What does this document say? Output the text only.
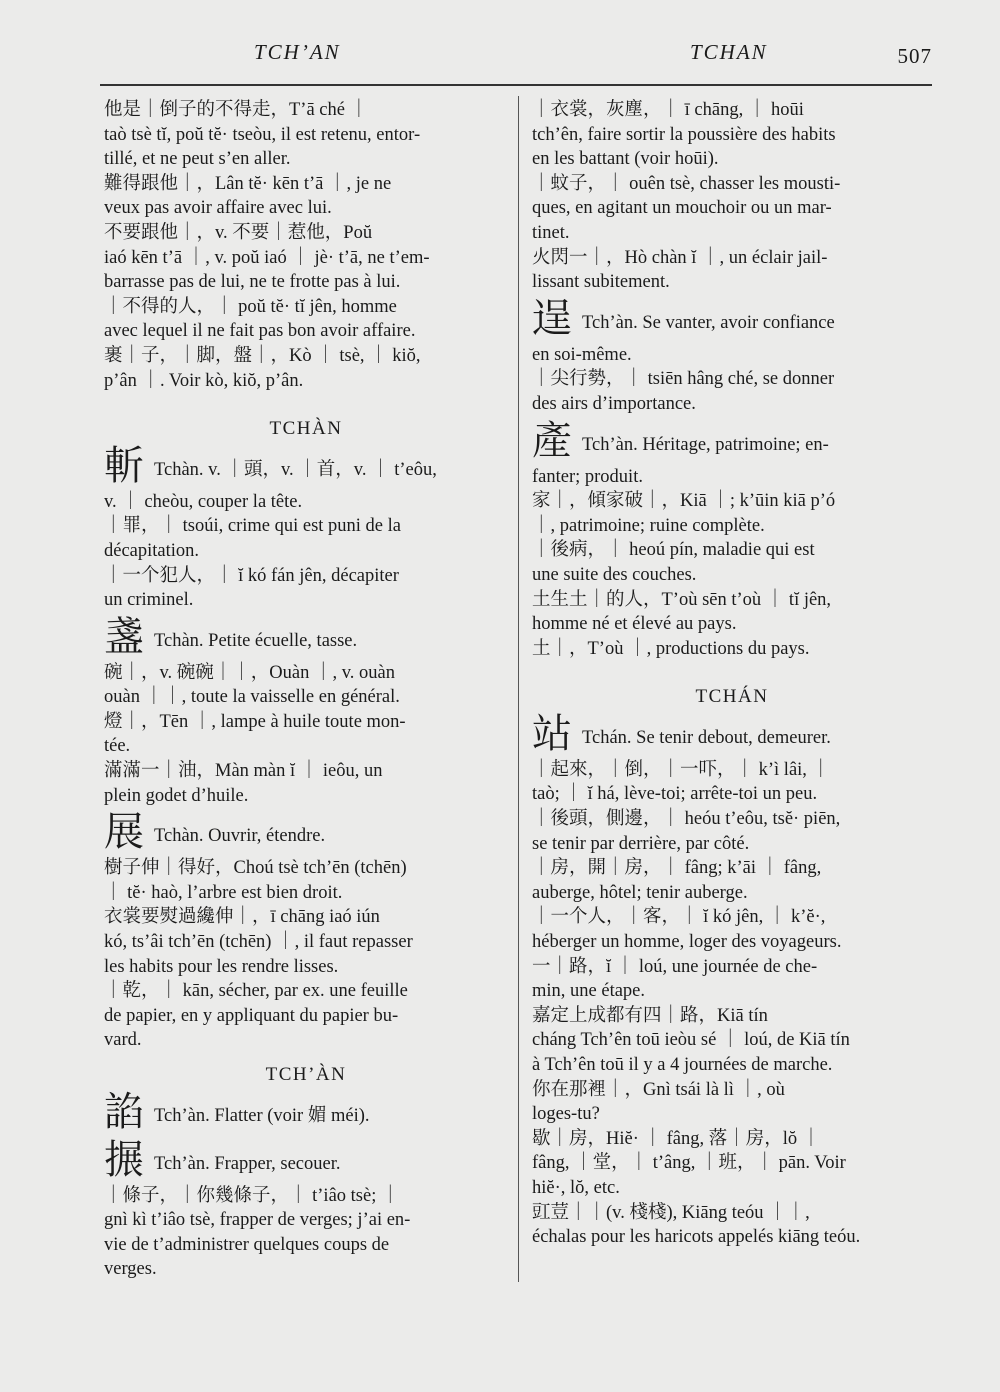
TCH’AN	TCHAN	507
他是｜倒子的不得走，T’ā ché ｜
taò tsè tĭ, poŭ tĕ· tseòu, il est retenu, entor-
tillé, et ne peut s’en aller.
難得跟他｜，Lân tĕ· kēn t’ā ｜, je ne
veux pas avoir affaire avec lui.
不要跟他｜，v. 不要｜惹他，Poŭ
iaó kēn t’ā ｜, v. poŭ iaó ｜ jè· t’ā, ne t’em-
barrasse pas de lui, ne te frotte pas à lui.
｜不得的人，｜ poŭ tĕ· tĭ jên, homme
avec lequel il ne fait pas bon avoir affaire.
裹｜子，｜脚，盤｜，Kò ｜ tsè, ｜ kiŏ,
p’ân ｜. Voir kò, kiŏ, p’ân.
TCHÀN
斬 Tchàn. v. ｜頭，v. ｜首，v. ｜ t’eôu,
v. ｜ cheòu, couper la tête.
｜罪，｜ tsoúi, crime qui est puni de la
décapitation.
｜一个犯人，｜ ĭ kó fán jên, décapiter
un criminel.
盞 Tchàn. Petite écuelle, tasse.
碗｜，v. 碗碗｜｜，Ouàn ｜, v. ouàn
ouàn ｜｜, toute la vaisselle en général.
燈｜，Tēn ｜, lampe à huile toute mon-
tée.
滿滿一｜油，Màn màn ĭ ｜ ieôu, un
plein godet d’huile.
展 Tchàn. Ouvrir, étendre.
樹子伸｜得好，Choú tsè tch’ēn (tchēn)
｜ tĕ· haò, l’arbre est bien droit.
衣裳要熨過纔伸｜，ī chāng iaó iún
kó, ts’âi tch’ēn (tchēn) ｜, il faut repasser
les habits pour les rendre lisses.
｜乾，｜ kān, sécher, par ex. une feuille
de papier, en y appliquant du papier bu-
vard.
TCH’ÀN
諂 Tch’àn. Flatter (voir 媚 méi).
搌 Tch’àn. Frapper, secouer.
｜條子，｜你幾條子，｜ t’iâo tsè; ｜
gnì kì t’iâo tsè, frapper de verges; j’ai en-
vie de t’administrer quelques coups de
verges.
｜衣裳，灰塵，｜ ī chāng, ｜ hoūi
tch’ên, faire sortir la poussière des habits
en les battant (voir hoūi).
｜蚊子，｜ ouên tsè, chasser les mousti-
ques, en agitant un mouchoir ou un mar-
tinet.
火閃一｜，Hò chàn ĭ ｜, un éclair jail-
lissant subitement.
逞 Tch’àn. Se vanter, avoir confiance
en soi-même.
｜尖行勢，｜ tsiēn hâng ché, se donner
des airs d’importance.
產 Tch’àn. Héritage, patrimoine; en-
fanter; produit.
家｜，傾家破｜，Kiā ｜; k’ūin kiā p’ó
｜, patrimoine; ruine complète.
｜後病，｜ heoú pín, maladie qui est
une suite des couches.
土生土｜的人，T’où sēn t’où ｜ tĭ jên,
homme né et élevé au pays.
土｜，T’où ｜, productions du pays.
TCHÁN
站 Tchán. Se tenir debout, demeurer.
｜起來，｜倒，｜一吓，｜ k’ì lâi, ｜
taò; ｜ ĭ há, lève-toi; arrête-toi un peu.
｜後頭，側邊，｜ heóu t’eôu, tsĕ· piēn,
se tenir par derrière, par côté.
｜房，開｜房，｜ fâng; k’āi ｜ fâng,
auberge, hôtel; tenir auberge.
｜一个人，｜客，｜ ĭ kó jên, ｜ k’ĕ·,
héberger un homme, loger des voyageurs.
一｜路，ĭ ｜ loú, une journée de che-
min, une étape.
嘉定上成都有四｜路，Kiā tín
cháng Tch’ên toū ieòu sé ｜ loú, de Kiā tín
à Tch’ên toū il y a 4 journées de marche.
你在那裡｜，Gnì tsái là lì ｜, où
loges-tu?
歇｜房，Hiĕ· ｜ fâng, 落｜房，lŏ ｜
fâng, ｜堂，｜ t’âng, ｜班，｜ pān. Voir
hiĕ·, lŏ, etc.
豇荳｜｜(v. 棧棧), Kiāng teóu ｜｜,
échalas pour les haricots appelés kiāng teóu.
